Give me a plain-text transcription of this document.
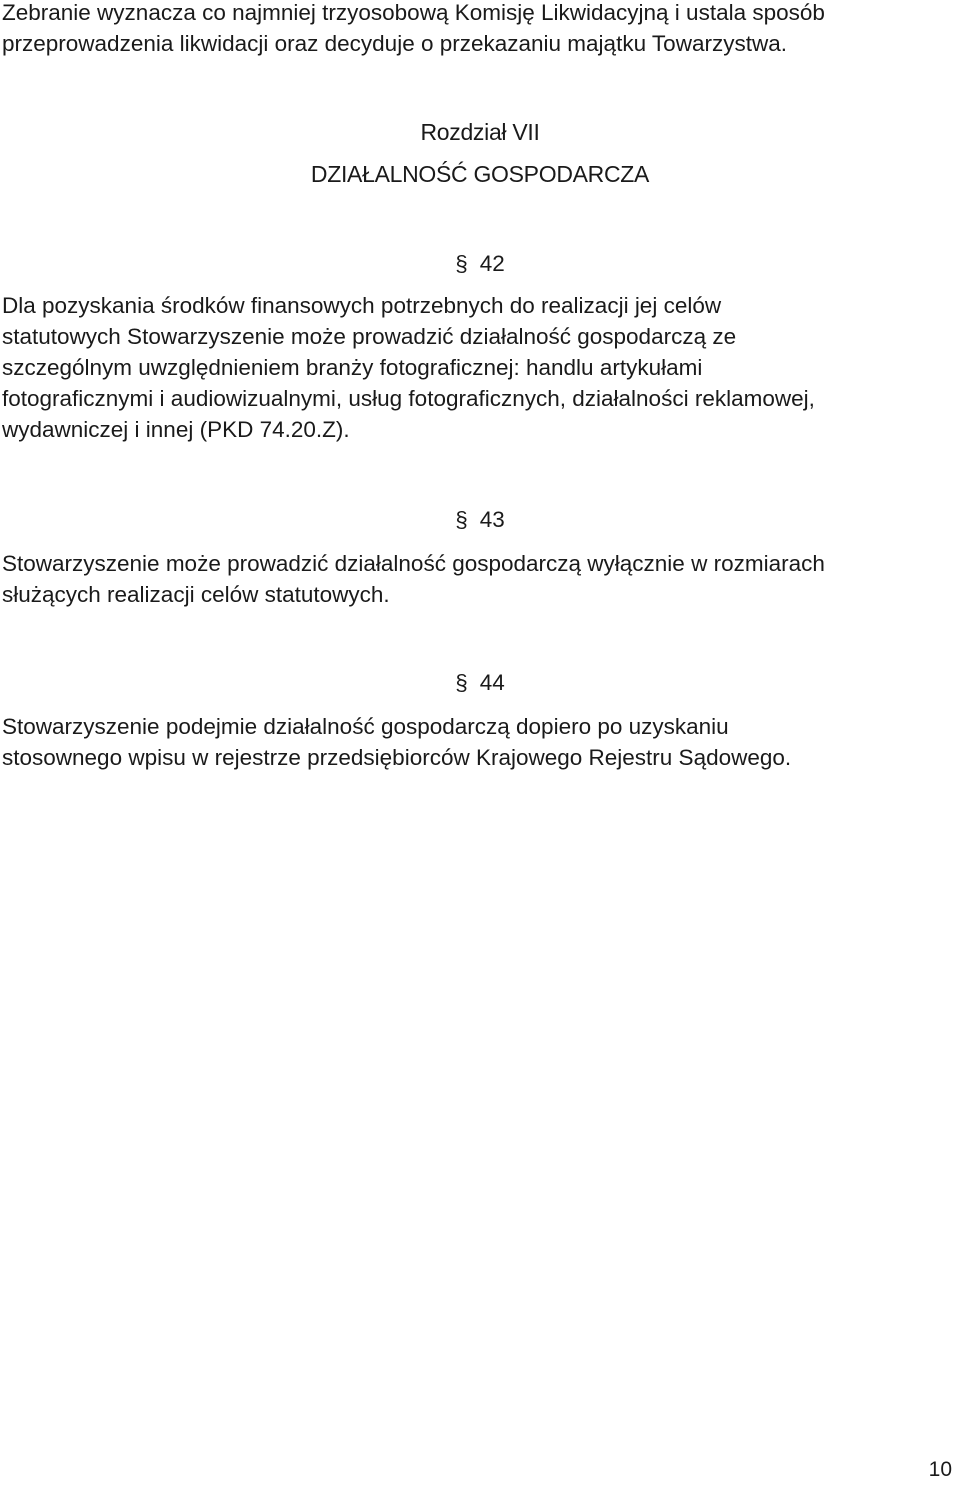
Zebranie wyznacza co najmniej trzyosobową Komisję Likwidacyjną i ustala sposób
przeprowadzenia likwidacji oraz decyduje o przekazaniu majątku Towarzystwa.

Rozdział VII
DZIAŁALNOŚĆ GOSPODARCZA
§ 42

Dla pozyskania środków finansowych potrzebnych do realizacji jej celów
statutowych Stowarzyszenie może prowadzić działalność gospodarczą ze
szczególnym uwzględnieniem branży fotograficznej: handlu artykułami
fotograficznymi i audiowizualnymi, usług fotograficznych, działalności reklamowej,
wydawniczej i innej (PKD 74.20.Z).

§ 43

Stowarzyszenie może prowadzić działalność gospodarczą wyłącznie w rozmiarach
służących realizacji celów statutowych.

§ 44

Stowarzyszenie podejmie działalność gospodarczą dopiero po uzyskaniu
stosownego wpisu w rejestrze przedsiębiorców Krajowego Rejestru Sądowego.

10
